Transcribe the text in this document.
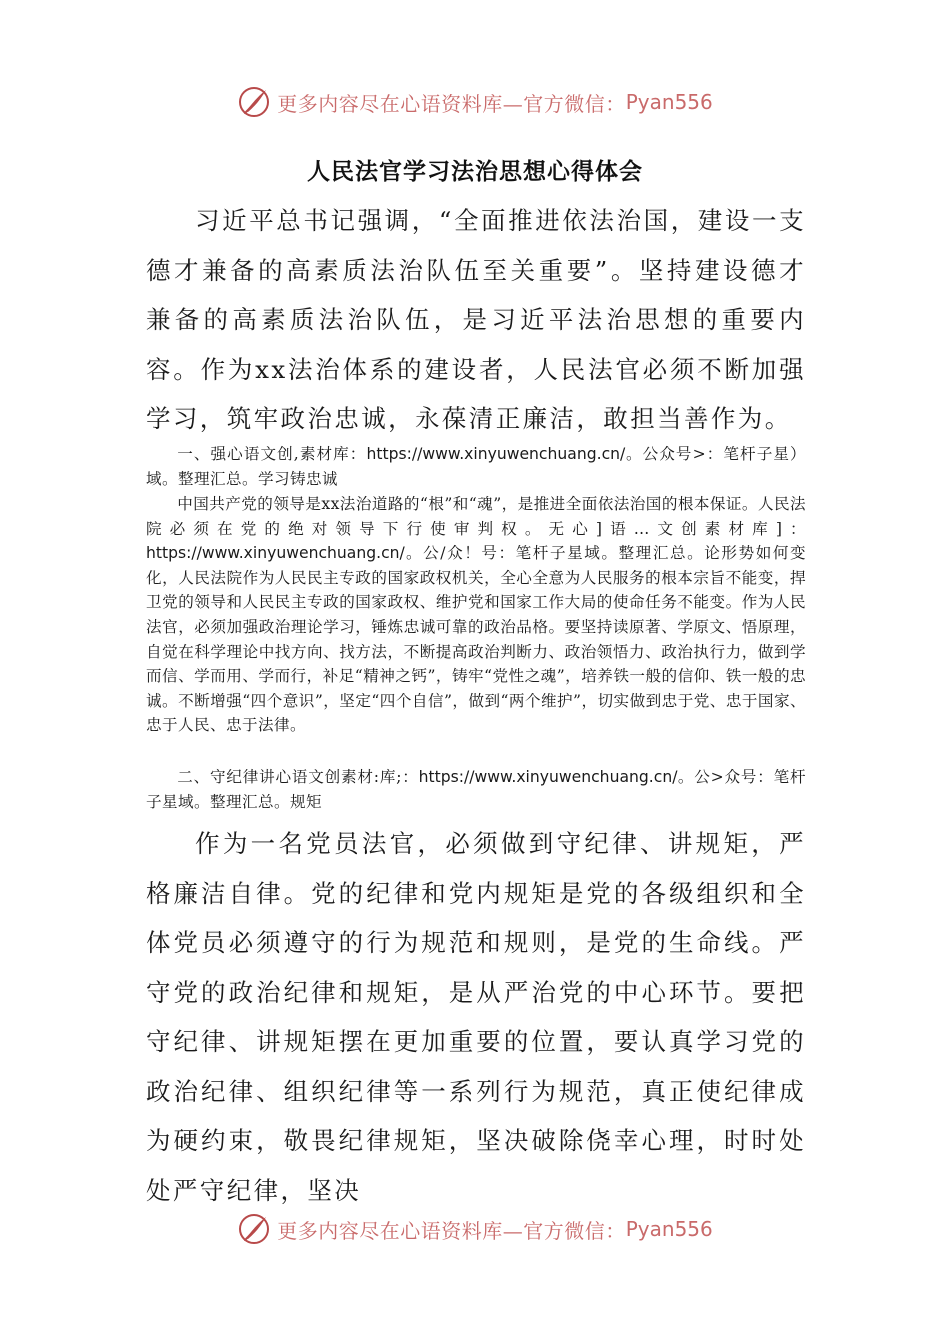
更多内容尽在心语资料库—官方微信： Pyan556
人民法官学习法治思想心得体会

习近平总书记强调，“全面推进依法治国，建设一支德才兼备的高素质法治队伍至关重要”。坚持建设德才兼备的高素质法治队伍，是习近平法治思想的重要内容。作为xx法治体系的建设者，人民法官必须不断加强学习，筑牢政治忠诚，永葆清正廉洁，敢担当善作为。

一、强心语文创,素材库：https://www.xinyuwenchuang.cn/。公众号>：笔杆子星）域。整理汇总。学习铸忠诚

中国共产党的领导是xx法治道路的“根”和“魂”，是推进全面依法治国的根本保证。人民法院必须在党的绝对领导下行使审判权。无心]语…文创素材库]：https://www.xinyuwenchuang.cn/。公/众！号：笔杆子星域。整理汇总。论形势如何变化，人民法院作为人民民主专政的国家政权机关，全心全意为人民服务的根本宗旨不能变，捍卫党的领导和人民民主专政的国家政权、维护党和国家工作大局的使命任务不能变。作为人民法官，必须加强政治理论学习，锤炼忠诚可靠的政治品格。要坚持读原著、学原文、悟原理，自觉在科学理论中找方向、找方法，不断提高政治判断力、政治领悟力、政治执行力，做到学而信、学而用、学而行，补足“精神之钙”，铸牢“党性之魂”，培养铁一般的信仰、铁一般的忠诚。不断增强“四个意识”，坚定“四个自信”，做到“两个维护”，切实做到忠于党、忠于国家、忠于人民、忠于法律。

二、守纪律讲心语文创素材:库;：https://www.xinyuwenchuang.cn/。公>众号：笔杆子星域。整理汇总。规矩

作为一名党员法官，必须做到守纪律、讲规矩，严格廉洁自律。党的纪律和党内规矩是党的各级组织和全体党员必须遵守的行为规范和规则，是党的生命线。严守党的政治纪律和规矩，是从严治党的中心环节。要把守纪律、讲规矩摆在更加重要的位置，要认真学习党的政治纪律、组织纪律等一系列行为规范，真正使纪律成为硬约束，敬畏纪律规矩，坚决破除侥幸心理，时时处处严守纪律，坚决

更多内容尽在心语资料库—官方微信： Pyan556
